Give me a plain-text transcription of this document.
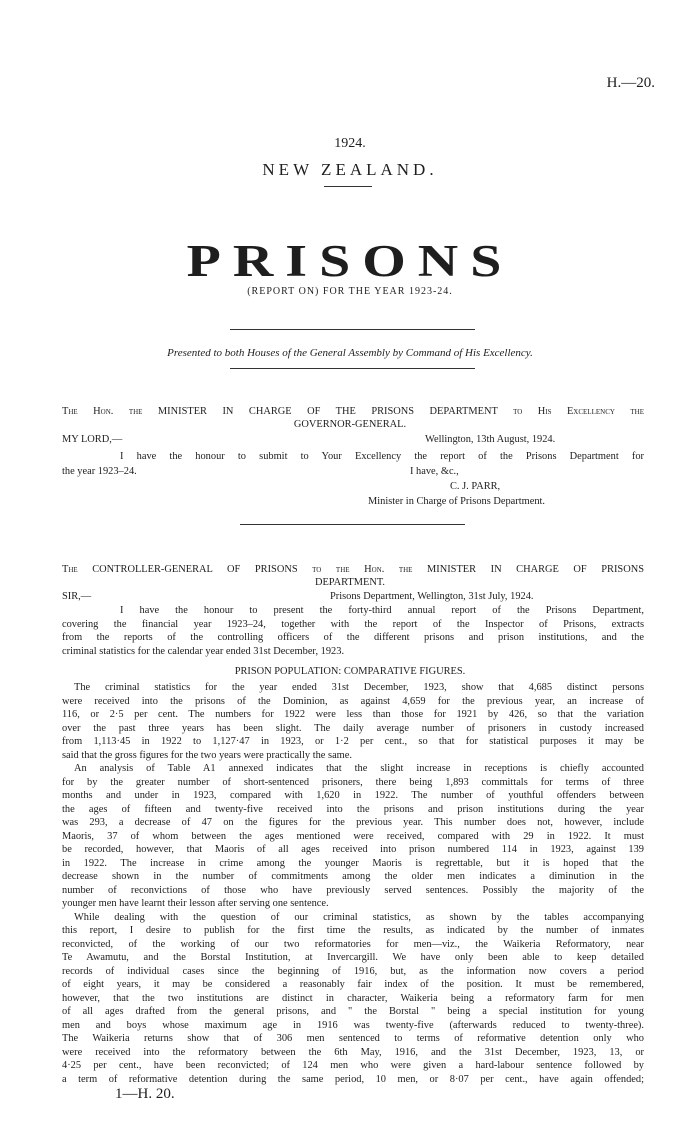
H.—20.
1924.
NEW ZEALAND.
PRISONS
(REPORT ON) FOR THE YEAR 1923-24.
Presented to both Houses of the General Assembly by Command of His Excellency.
The Hon. the MINISTER IN CHARGE OF THE PRISONS DEPARTMENT to His Excellency the
GOVERNOR-GENERAL.
MY LORD,—	Wellington, 13th August, 1924.
I have the honour to submit to Your Excellency the report of the Prisons Department for
the year 1923–24.	I have, &c.,
C. J. PARR,
Minister in Charge of Prisons Department.
The CONTROLLER-GENERAL OF PRISONS to the Hon. the MINISTER IN CHARGE OF PRISONS
DEPARTMENT.
SIR,—	Prisons Department, Wellington, 31st July, 1924.
I have the honour to present the forty-third annual report of the Prisons Department,
covering the financial year 1923–24, together with the report of the Inspector of Prisons, extracts
from the reports of the controlling officers of the different prisons and prison institutions, and the
criminal statistics for the calendar year ended 31st December, 1923.
PRISON POPULATION: COMPARATIVE FIGURES.
The criminal statistics for the year ended 31st December, 1923, show that 4,685 distinct persons
were received into the prisons of the Dominion, as against 4,659 for the previous year, an increase of
116, or 2·5 per cent. The numbers for 1922 were less than those for 1921 by 426, so that the variation
over the past three years has been slight. The daily average number of prisoners in custody increased
from 1,113·45 in 1922 to 1,127·47 in 1923, or 1·2 per cent., so that for statistical purposes it may be
said that the gross figures for the two years were practically the same.
An analysis of Table A1 annexed indicates that the slight increase in receptions is chiefly accounted
for by the greater number of short-sentenced prisoners, there being 1,893 committals for terms of three
months and under in 1923, compared with 1,620 in 1922. The number of youthful offenders between
the ages of fifteen and twenty-five received into the prisons and prison institutions during the year
was 293, a decrease of 47 on the figures for the previous year. This number does not, however, include
Maoris, 37 of whom between the ages mentioned were received, compared with 29 in 1922. It must
be recorded, however, that Maoris of all ages received into prison numbered 114 in 1923, against 139
in 1922. The increase in crime among the younger Maoris is regrettable, but it is hoped that the
decrease shown in the number of commitments among the older men indicates a diminution in the
number of reconvictions of those who have previously served sentences. Possibly the majority of the
younger men have learnt their lesson after serving one sentence.
While dealing with the question of our criminal statistics, as shown by the tables accompanying
this report, I desire to publish for the first time the results, as indicated by the number of inmates
reconvicted, of the working of our two reformatories for men—viz., the Waikeria Reformatory, near
Te Awamutu, and the Borstal Institution, at Invercargill. We have only been able to keep detailed
records of individual cases since the beginning of 1916, but, as the information now covers a period
of eight years, it may be considered a reasonably fair index of the position. It must be remembered,
however, that the two institutions are distinct in character, Waikeria being a reformatory farm for men
of all ages drafted from the general prisons, and " the Borstal " being a special institution for young
men and boys whose maximum age in 1916 was twenty-five (afterwards reduced to twenty-three).
The Waikeria returns show that of 306 men sentenced to terms of reformative detention only who
were received into the reformatory between the 6th May, 1916, and the 31st December, 1923, 13, or
4·25 per cent., have been reconvicted; of 124 men who were given a hard-labour sentence followed by
a term of reformative detention during the same period, 10 men, or 8·07 per cent., have again offended;
1—H. 20.
